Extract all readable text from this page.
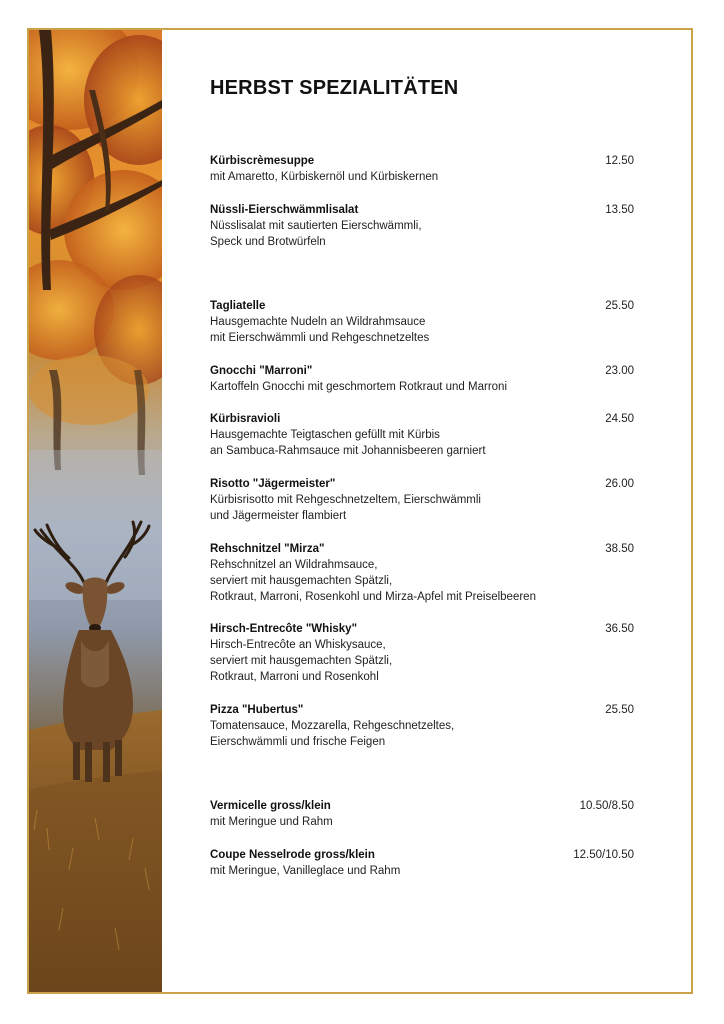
HERBST SPEZIALITÄTEN
Kürbiscrèmesuppe	12.50
mit Amaretto, Kürbiskernöl und Kürbiskernen
Nüssli-Eierschwämmlisalat	13.50
Nüsslisalat mit sautierten Eierschwämmli,
Speck und Brotwürfeln
Tagliatelle	25.50
Hausgemachte Nudeln an Wildrahmsauce
mit Eierschwämmli und Rehgeschnetzeltes
Gnocchi "Marroni"	23.00
Kartoffeln Gnocchi mit geschmortem Rotkraut und Marroni
Kürbisravioli	24.50
Hausgemachte Teigtaschen gefüllt mit Kürbis
an Sambuca-Rahmsauce mit Johannisbeeren garniert
Risotto "Jägermeister"	26.00
Kürbisrisotto mit Rehgeschnetzeltem, Eierschwämmli
und Jägermeister flambiert
Rehschnitzel "Mirza"	38.50
Rehschnitzel an Wildrahmsauce,
serviert mit hausgemachten Spätzli,
Rotkraut, Marroni, Rosenkohl und Mirza-Apfel mit Preiselbeeren
Hirsch-Entrecôte "Whisky"	36.50
Hirsch-Entrecôte an Whiskysauce,
serviert mit hausgemachten Spätzli,
Rotkraut, Marroni und Rosenkohl
Pizza "Hubertus"	25.50
Tomatensauce, Mozzarella, Rehgeschnetzeltes,
Eierschwämmli und frische Feigen
Vermicelle gross/klein	10.50/8.50
mit Meringue und Rahm
Coupe Nesselrode gross/klein	12.50/10.50
mit Meringue, Vanilleglace und Rahm
